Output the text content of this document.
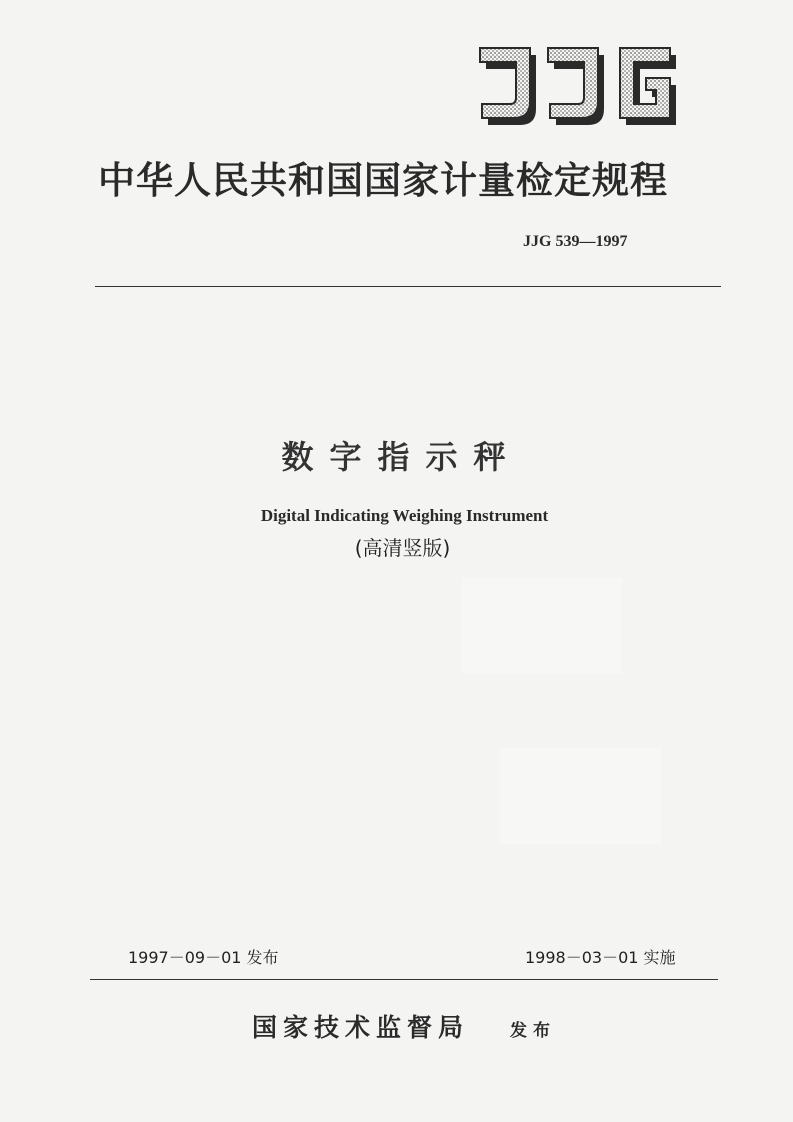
中华人民共和国国家计量检定规程
JJG 539—1997
数字指示秤
Digital Indicating Weighing Instrument
(高清竖版)
1997－09－01 发布	1998－03－01 实施
国家技术监督局 发布
